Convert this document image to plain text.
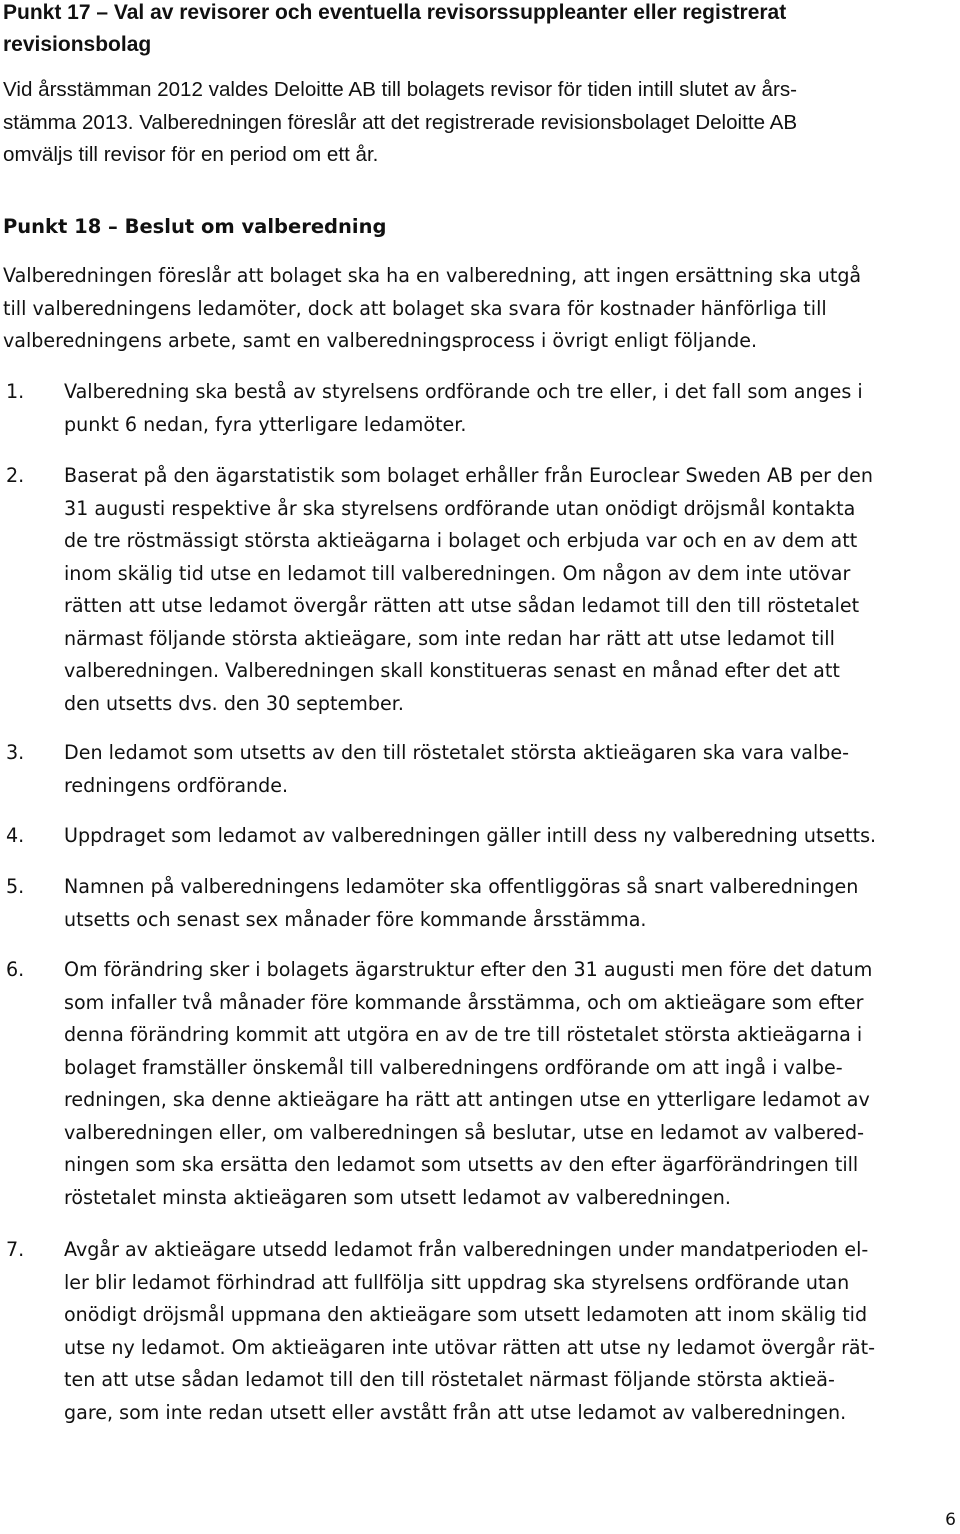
Punkt 17 – Val av revisorer och eventuella revisorssuppleanter eller registrerat
revisionsbolag

Vid årsstämman 2012 valdes Deloitte AB till bolagets revisor för tiden intill slutet av års-
stämma 2013. Valberedningen föreslår att det registrerade revisionsbolaget Deloitte AB
omväljs till revisor för en period om ett år.

Punkt 18 – Beslut om valberedning

Valberedningen föreslår att bolaget ska ha en valberedning, att ingen ersättning ska utgå
till valberedningens ledamöter, dock att bolaget ska svara för kostnader hänförliga till
valberedningens arbete, samt en valberedningsprocess i övrigt enligt följande.

1.	Valberedning ska bestå av styrelsens ordförande och tre eller, i det fall som anges i
punkt 6 nedan, fyra ytterligare ledamöter.
2.	Baserat på den ägarstatistik som bolaget erhåller från Euroclear Sweden AB per den
31 augusti respektive år ska styrelsens ordförande utan onödigt dröjsmål kontakta
de tre röstmässigt största aktieägarna i bolaget och erbjuda var och en av dem att
inom skälig tid utse en ledamot till valberedningen. Om någon av dem inte utövar
rätten att utse ledamot övergår rätten att utse sådan ledamot till den till röstetalet
närmast följande största aktieägare, som inte redan har rätt att utse ledamot till
valberedningen. Valberedningen skall konstitueras senast en månad efter det att
den utsetts dvs. den 30 september.
3.	Den ledamot som utsetts av den till röstetalet största aktieägaren ska vara valbe-
redningens ordförande.
4.	Uppdraget som ledamot av valberedningen gäller intill dess ny valberedning utsetts.
5.	Namnen på valberedningens ledamöter ska offentliggöras så snart valberedningen
utsetts och senast sex månader före kommande årsstämma.
6.	Om förändring sker i bolagets ägarstruktur efter den 31 augusti men före det datum
som infaller två månader före kommande årsstämma, och om aktieägare som efter
denna förändring kommit att utgöra en av de tre till röstetalet största aktieägarna i
bolaget framställer önskemål till valberedningens ordförande om att ingå i valbe-
redningen, ska denne aktieägare ha rätt att antingen utse en ytterligare ledamot av
valberedningen eller, om valberedningen så beslutar, utse en ledamot av valbered-
ningen som ska ersätta den ledamot som utsetts av den efter ägarförändringen till
röstetalet minsta aktieägaren som utsett ledamot av valberedningen.
7.	Avgår av aktieägare utsedd ledamot från valberedningen under mandatperioden el-
ler blir ledamot förhindrad att fullfölja sitt uppdrag ska styrelsens ordförande utan
onödigt dröjsmål uppmana den aktieägare som utsett ledamoten att inom skälig tid
utse ny ledamot. Om aktieägaren inte utövar rätten att utse ny ledamot övergår rät-
ten att utse sådan ledamot till den till röstetalet närmast följande största aktieä-
gare, som inte redan utsett eller avstått från att utse ledamot av valberedningen.
6
